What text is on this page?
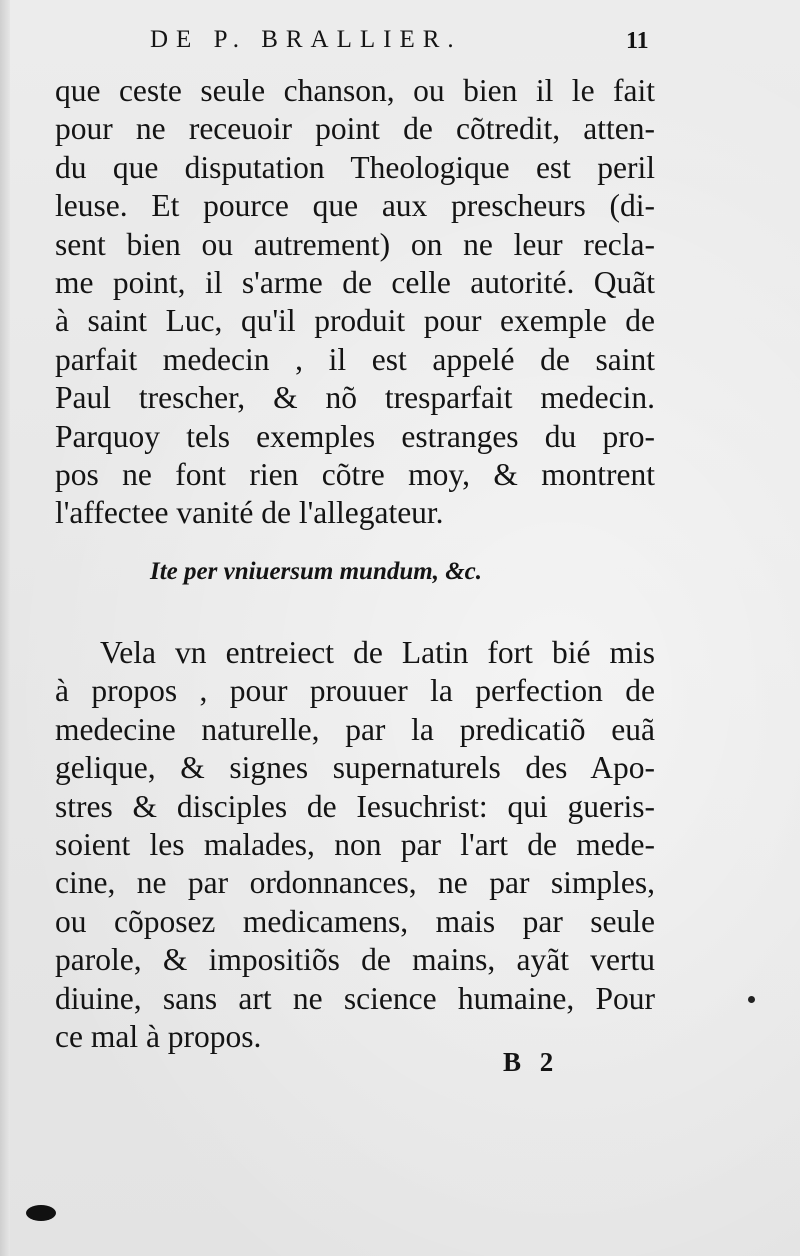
DE P. BRALLIER.	11
que ceste seule chanson, ou bien il le fait
pour ne receuoir point de cõtredit, atten-
du que disputation Theologique est peril
leuse. Et pource que aux prescheurs (di-
sent bien ou autrement) on ne leur recla-
me point, il s'arme de celle autorité. Quãt
à saint Luc, qu'il produit pour exemple de
parfait medecin , il est appelé de saint
Paul trescher, & nõ tresparfait medecin.
Parquoy tels exemples estranges du pro-
pos ne font rien cõtre moy, & montrent
l'affectee vanité de l'allegateur.
Ite per vniuersum mundum, &c.
Vela vn entreiect de Latin fort bié mis
à propos , pour prouuer la perfection de
medecine naturelle, par la predicatiõ euã
gelique, & signes supernaturels des Apo-
stres & disciples de Iesuchrist: qui gueris-
soient les malades, non par l'art de mede-
cine, ne par ordonnances, ne par simples,
ou cõposez medicamens, mais par seule
parole, & impositiõs de mains, ayãt vertu
diuine, sans art ne science humaine, Pour
ce mal à propos.
B 2
